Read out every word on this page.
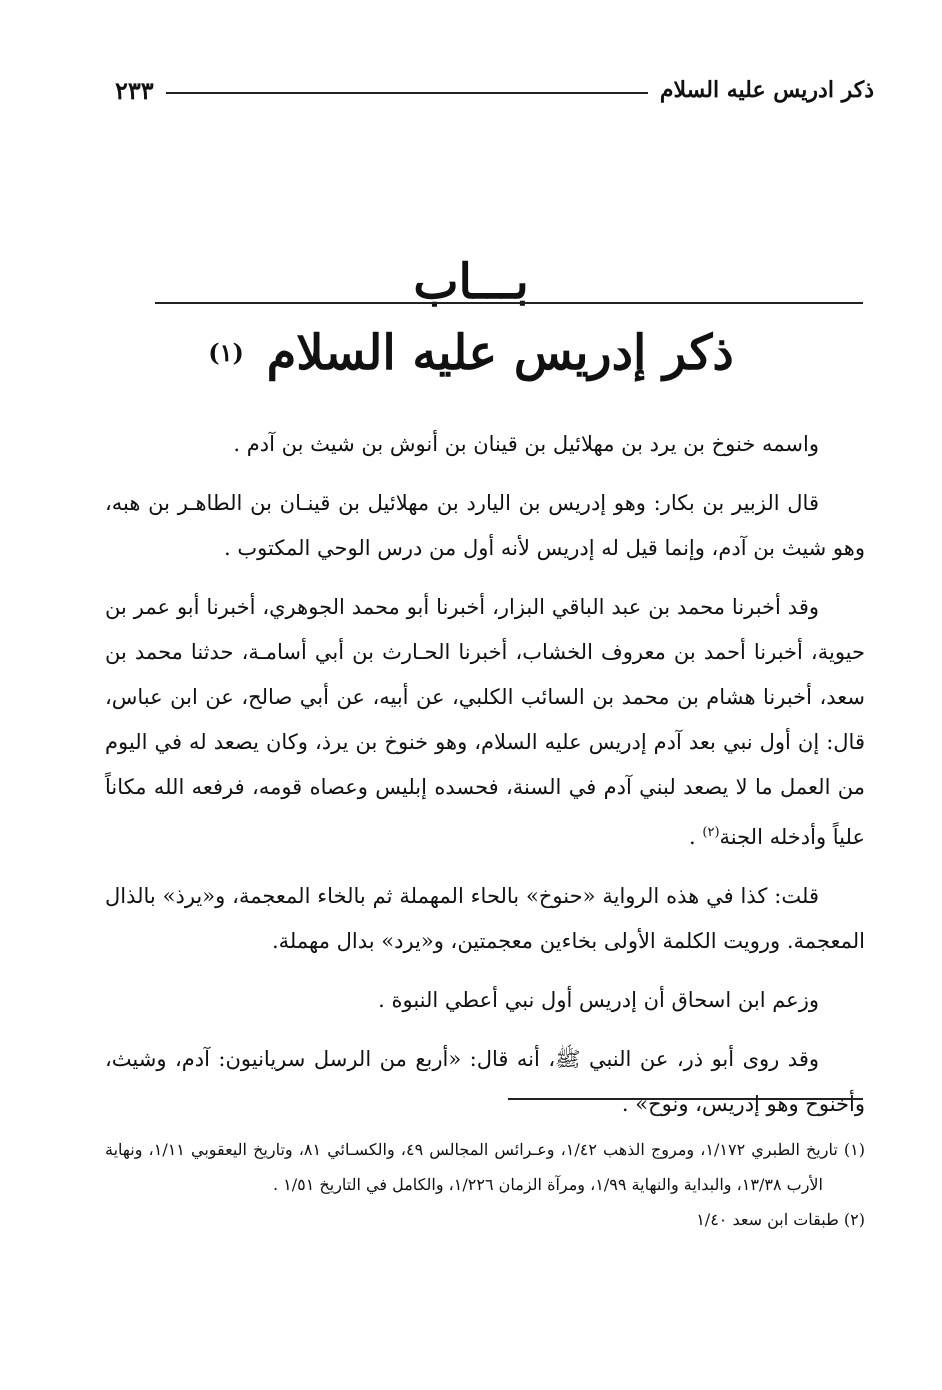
ذكر ادريس عليه السلام
٢٣٣
بـــاب
ذكر إدريس عليه السلام $^{(١)}$

واسمه خنوخ بن يرد بن مهلائيل بن قينان بن أنوش بن شيث بن آدم .

قال الزبير بن بكار: وهو إدريس بن اليارد بن مهلائيل بن قينـان بن الطاهـر بن هبه، وهو شيث بن آدم، وإنما قيل له إدريس لأنه أول من درس الوحي المكتوب .

وقد أخبرنا محمد بن عبد الباقي البزار، أخبرنا أبو محمد الجوهري، أخبرنا أبو عمر بن حيوية، أخبرنا أحمد بن معروف الخشاب، أخبرنا الحـارث بن أبي أسامـة، حدثنا محمد بن سعد، أخبرنا هشام بن محمد بن السائب الكلبي، عن أبيه، عن أبي صالح، عن ابن عباس، قال: إن أول نبي بعد آدم إدريس عليه السلام، وهو خنوخ بن يرذ، وكان يصعد له في اليوم من العمل ما لا يصعد لبني آدم في السنة، فحسده إبليس وعصاه قومه، فرفعه الله مكاناً علياً وأدخله الجنة$^{(٢)}$ .

قلت: كذا في هذه الرواية «حنوخ» بالحاء المهملة ثم بالخاء المعجمة، و«يرذ» بالذال المعجمة. ورويت الكلمة الأولى بخاءين معجمتين، و«يرد» بدال مهملة.

وزعم ابن اسحاق أن إدريس أول نبي أعطي النبوة .

وقد روى أبو ذر، عن النبي ﷺ، أنه قال: «أربع من الرسل سريانيون: آدم، وشيث، وأخنوخ وهو إدريس، ونوح» .

(١) تاريخ الطبري ١/١٧٢، ومروج الذهب ١/٤٢، وعـرائس المجالس ٤٩، والكسـائي ٨١، وتاريخ اليعقوبي ١/١١، ونهاية الأرب ١٣/٣٨، والبداية والنهاية ١/٩٩، ومرآة الزمان ١/٢٢٦، والكامل في التاريخ ١/٥١ .

(٢) طبقات ابن سعد ١/٤٠
